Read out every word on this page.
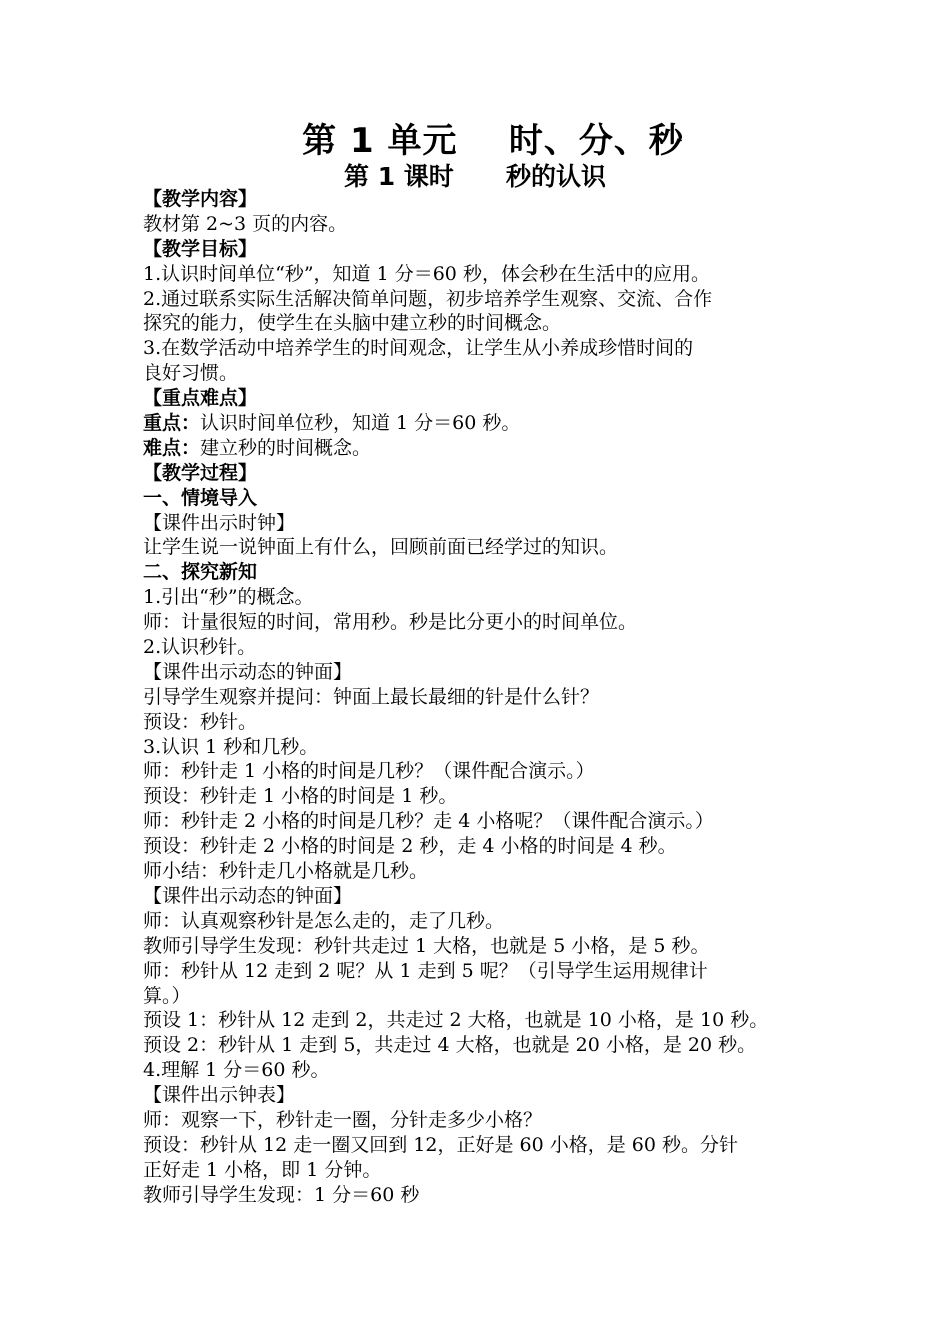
第 1 单元    时、分、秒
第 1 课时      秒的认识
【教学内容】
教材第 2~3 页的内容。
【教学目标】
1.认识时间单位“秒”，知道 1 分＝60 秒，体会秒在生活中的应用。
2.通过联系实际生活解决简单问题，初步培养学生观察、交流、合作
探究的能力，使学生在头脑中建立秒的时间概念。
3.在数学活动中培养学生的时间观念，让学生从小养成珍惜时间的
良好习惯。
【重点难点】
重点：认识时间单位秒，知道 1 分＝60 秒。
难点：建立秒的时间概念。
【教学过程】
一、情境导入
【课件出示时钟】
让学生说一说钟面上有什么，回顾前面已经学过的知识。
二、探究新知
1.引出“秒”的概念。
师：计量很短的时间，常用秒。秒是比分更小的时间单位。
2.认识秒针。
【课件出示动态的钟面】
引导学生观察并提问：钟面上最长最细的针是什么针？
预设：秒针。
3.认识 1 秒和几秒。
师：秒针走 1 小格的时间是几秒？（课件配合演示。）
预设：秒针走 1 小格的时间是 1 秒。
师：秒针走 2 小格的时间是几秒？走 4 小格呢？（课件配合演示。）
预设：秒针走 2 小格的时间是 2 秒，走 4 小格的时间是 4 秒。
师小结：秒针走几小格就是几秒。
【课件出示动态的钟面】
师：认真观察秒针是怎么走的，走了几秒。
教师引导学生发现：秒针共走过 1 大格，也就是 5 小格，是 5 秒。
师：秒针从 12 走到 2 呢？从 1 走到 5 呢？（引导学生运用规律计
算。）
预设 1：秒针从 12 走到 2，共走过 2 大格，也就是 10 小格，是 10 秒。
预设 2：秒针从 1 走到 5，共走过 4 大格，也就是 20 小格，是 20 秒。
4.理解 1 分＝60 秒。
【课件出示钟表】
师：观察一下，秒针走一圈，分针走多少小格？
预设：秒针从 12 走一圈又回到 12，正好是 60 小格，是 60 秒。分针
正好走 1 小格，即 1 分钟。
教师引导学生发现：1 分＝60 秒
